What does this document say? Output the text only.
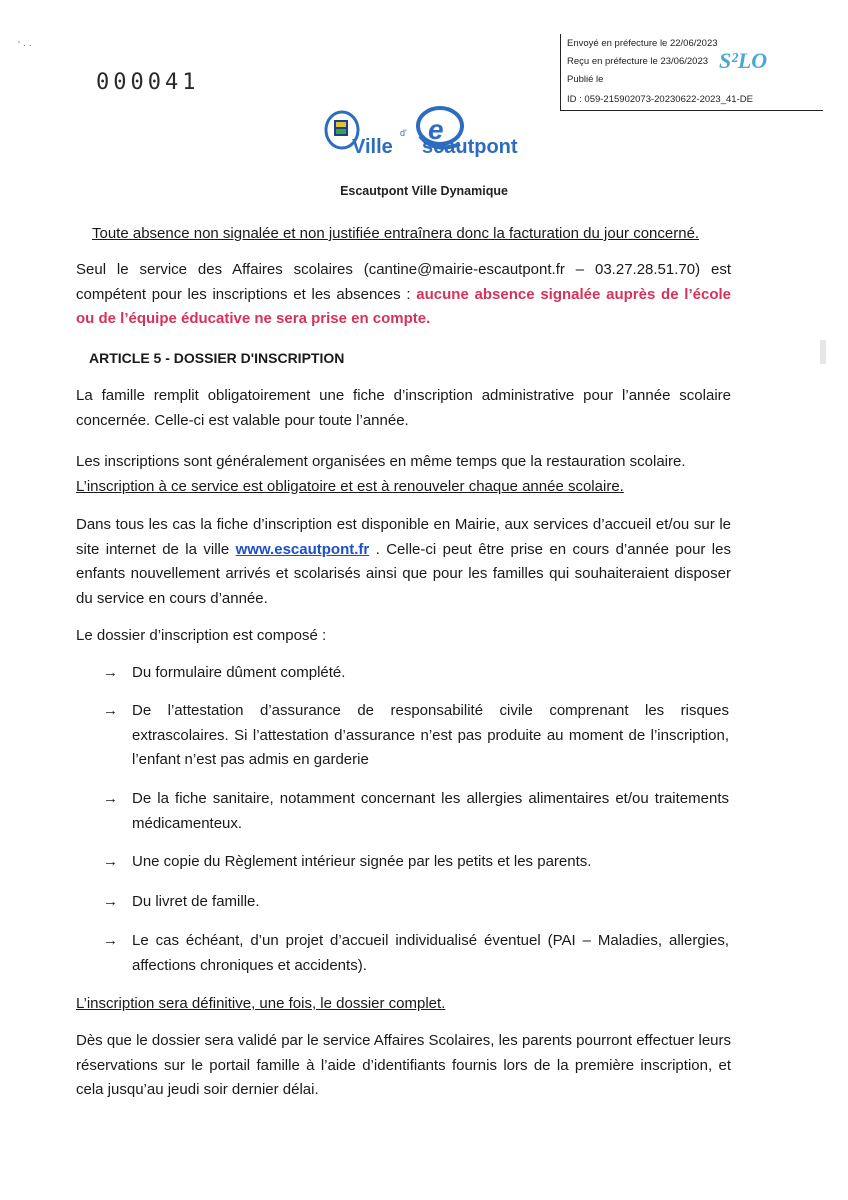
' · ·
000041
Envoyé en préfecture le 22/06/2023
Reçu en préfecture le 23/06/2023
Publié le
ID : 059-215902073-20230622-2023_41-DE
S²LO
Ville
d' e
scautpont
Escautpont Ville Dynamique
Toute absence non signalée et non justifiée entraînera donc la facturation du jour concerné.
Seul le service des Affaires scolaires (cantine@mairie-escautpont.fr – 03.27.28.51.70) est compétent pour les inscriptions et les absences : aucune absence signalée auprès de l’école ou de l’équipe éducative ne sera prise en compte.
ARTICLE 5 - DOSSIER D'INSCRIPTION
La famille remplit obligatoirement une fiche d’inscription administrative pour l’année scolaire concernée. Celle-ci est valable pour toute l’année.
Les inscriptions sont généralement organisées en même temps que la restauration scolaire.
L’inscription à ce service est obligatoire et est à renouveler chaque année scolaire.
Dans tous les cas la fiche d’inscription est disponible en Mairie, aux services d’accueil et/ou sur le site internet de la ville www.escautpont.fr . Celle-ci peut être prise en cours d’année pour les enfants nouvellement arrivés et scolarisés ainsi que pour les familles qui souhaiteraient disposer du service en cours d’année.
Le dossier d’inscription est composé :
→ Du formulaire dûment complété.
→ De l’attestation d’assurance de responsabilité civile comprenant les risques extrascolaires. Si l’attestation d’assurance n’est pas produite au moment de l’inscription, l’enfant n’est pas admis en garderie
→ De la fiche sanitaire, notamment concernant les allergies alimentaires et/ou traitements médicamenteux.
→ Une copie du Règlement intérieur signée par les petits et les parents.
→ Du livret de famille.
→ Le cas échéant, d’un projet d’accueil individualisé éventuel (PAI – Maladies, allergies, affections chroniques et accidents).
L’inscription sera définitive, une fois, le dossier complet.
Dès que le dossier sera validé par le service Affaires Scolaires, les parents pourront effectuer leurs réservations sur le portail famille à l’aide d’identifiants fournis lors de la première inscription, et cela jusqu’au jeudi soir dernier délai.
